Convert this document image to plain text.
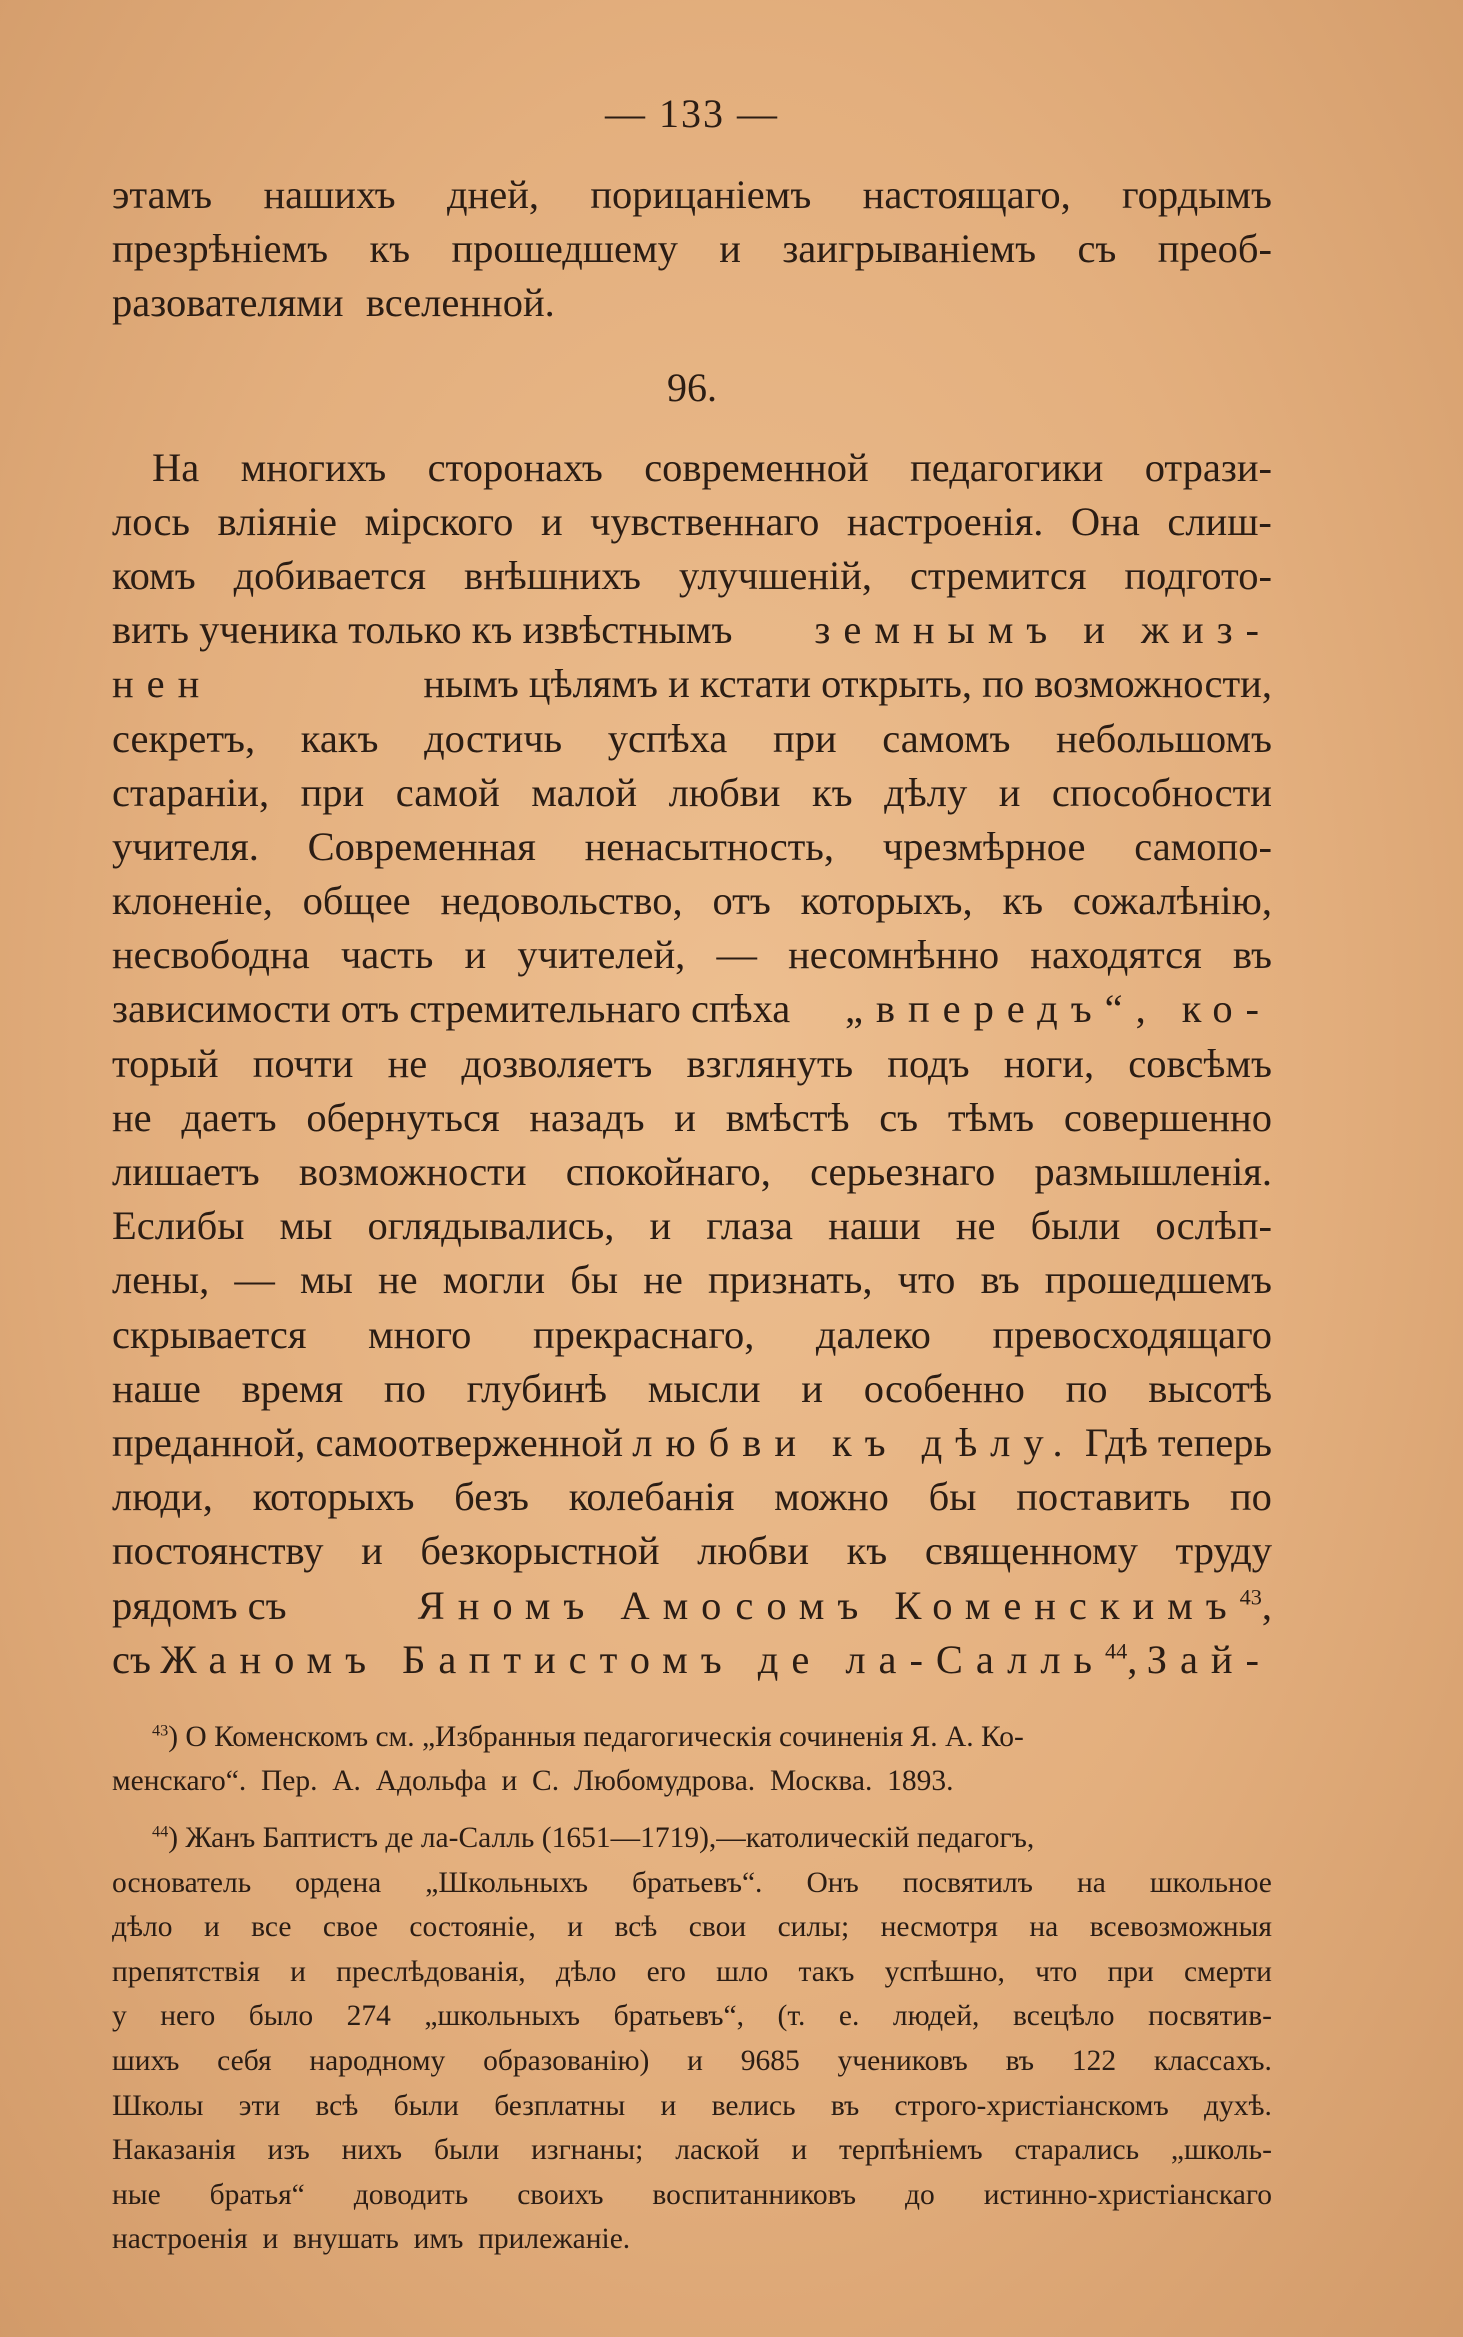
— 133 —
этамъ нашихъ дней, порицаніемъ настоящаго, гордымъ
презрѣніемъ къ прошедшему и заигрываніемъ съ преоб-
разователями вселенной.
96.
На многихъ сторонахъ современной педагогики отрази-
лось вліяніе мірского и чувственнаго настроенія. Она слиш-
комъ добивается внѣшнихъ улучшеній, стремится подгото-
вить ученика только къ извѣстнымъ земнымъ и жиз-
нен	нымъ цѣлямъ и кстати открыть, по возможности,
секретъ, какъ достичь успѣха при самомъ небольшомъ
стараніи, при самой малой любви къ дѣлу и способности
учителя. Современная ненасытность, чрезмѣрное самопо-
клоненіе, общее недовольство, отъ которыхъ, къ сожалѣнію,
несвободна часть и учителей, — несомнѣнно находятся въ
зависимости отъ стремительнаго спѣха „впередъ“, ко-
торый почти не дозволяетъ взглянуть подъ ноги, совсѣмъ
не даетъ обернуться назадъ и вмѣстѣ съ тѣмъ совершенно
лишаетъ возможности спокойнаго, серьезнаго размышленія.
Еслибы мы оглядывались, и глаза наши не были ослѣп-
лены, — мы не могли бы не признать, что въ прошедшемъ
скрывается много прекраснаго, далеко превосходящаго
наше время по глубинѣ мысли и особенно по высотѣ
преданной, самоотверженной любви къ дѣлу. Гдѣ теперь
люди, которыхъ безъ колебанія можно бы поставить по
постоянству и безкорыстной любви къ священному труду
рядомъ съ	Яномъ Амосомъ Коменскимъ$^{43}$,
съ Жаномъ Баптистомъ де ла-Салль$^{44}$, Зай-
$^{43}$) О Коменскомъ см. „Избранныя педагогическія сочиненія Я. А. Ко-
менскаго“. Пер. А. Адольфа и С. Любомудрова. Москва. 1893.
$^{44}$) Жанъ Баптистъ де ла-Салль (1651—1719),—католическій педагогъ,
основатель ордена „Школьныхъ братьевъ“. Онъ посвятилъ на школьное
дѣло и все свое состояніе, и всѣ свои силы; несмотря на всевозможныя
препятствія и преслѣдованія, дѣло его шло такъ успѣшно, что при смерти
у него было 274 „школьныхъ братьевъ“, (т. е. людей, всецѣло посвятив-
шихъ себя народному образованію) и 9685 учениковъ въ 122 классахъ.
Школы эти всѣ были безплатны и велись въ строго-христіанскомъ духѣ.
Наказанія изъ нихъ были изгнаны; лаской и терпѣніемъ старались „школь-
ные братья“ доводить своихъ воспитанниковъ до истинно-христіанскаго
настроенія и внушать имъ прилежаніе.
